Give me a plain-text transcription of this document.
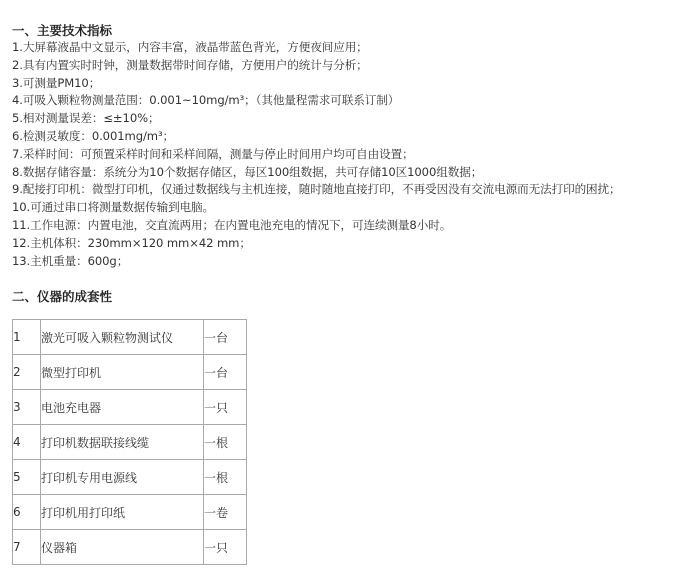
一、主要技术指标
1.大屏幕液晶中文显示，内容丰富，液晶带蓝色背光，方便夜间应用；
2.具有内置实时时钟，测量数据带时间存储，方便用户的统计与分析；
3.可测量PM10；
4.可吸入颗粒物测量范围：0.001~10mg/m³；（其他量程需求可联系订制）
5.相对测量误差：≤±10%；
6.检测灵敏度：0.001mg/m³；
7.采样时间：可预置采样时间和采样间隔，测量与停止时间用户均可自由设置；
8.数据存储容量：系统分为10个数据存储区，每区100组数据，共可存储10区1000组数据；
9.配接打印机：微型打印机，仅通过数据线与主机连接，随时随地直接打印，不再受因没有交流电源而无法打印的困扰；
10.可通过串口将测量数据传输到电脑。
11.工作电源：内置电池，交直流两用；在内置电池充电的情况下，可连续测量8小时。
12.主机体积：230mm×120 mm×42 mm；
13.主机重量：600g；
二、仪器的成套性
1	激光可吸入颗粒物测试仪	一台
2	微型打印机	一台
3	电池充电器	一只
4	打印机数据联接线缆	一根
5	打印机专用电源线	一根
6	打印机用打印纸	一卷
7	仪器箱	一只
